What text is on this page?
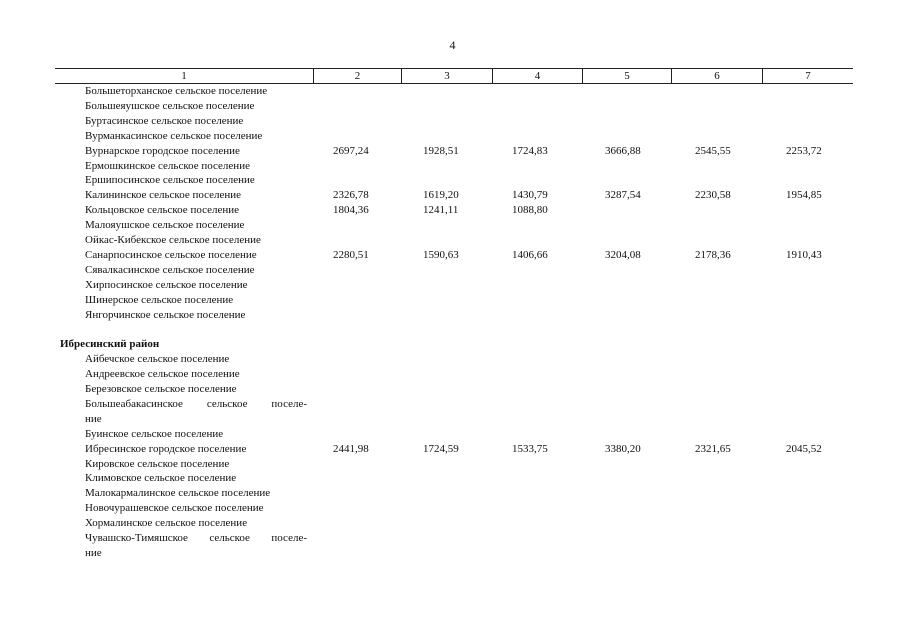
4
1	2	3	4	5	6	7
Большеторханское сельское поселение
Большеяушское сельское поселение
Буртасинское сельское поселение
Вурманкасинское сельское поселение
Вурнарское городское поселение	2697,24	1928,51	1724,83	3666,88	2545,55	2253,72
Ермошкинское сельское поселение
Ершипосинское сельское поселение
Калининское сельское поселение	2326,78	1619,20	1430,79	3287,54	2230,58	1954,85
Кольцовское сельское поселение	1804,36	1241,11	1088,80
Малояушское сельское поселение
Ойкас-Кибекское сельское поселение
Санарпосинское сельское поселение	2280,51	1590,63	1406,66	3204,08	2178,36	1910,43
Сявалкасинское сельское поселение
Хирпосинское сельское поселение
Шинерское сельское поселение
Янгорчинское сельское поселение
Ибресинский район
Айбечское сельское поселение
Андреевское сельское поселение
Березовское сельское поселение
Большеабакасинское сельское поселе-
ние
Буинское сельское поселение
Ибресинское городское поселение	2441,98	1724,59	1533,75	3380,20	2321,65	2045,52
Кировское сельское поселение
Климовское сельское поселение
Малокармалинское сельское поселение
Новочурашевское сельское поселение
Хормалинское сельское поселение
Чувашско-Тимяшское сельское поселе-
ние
